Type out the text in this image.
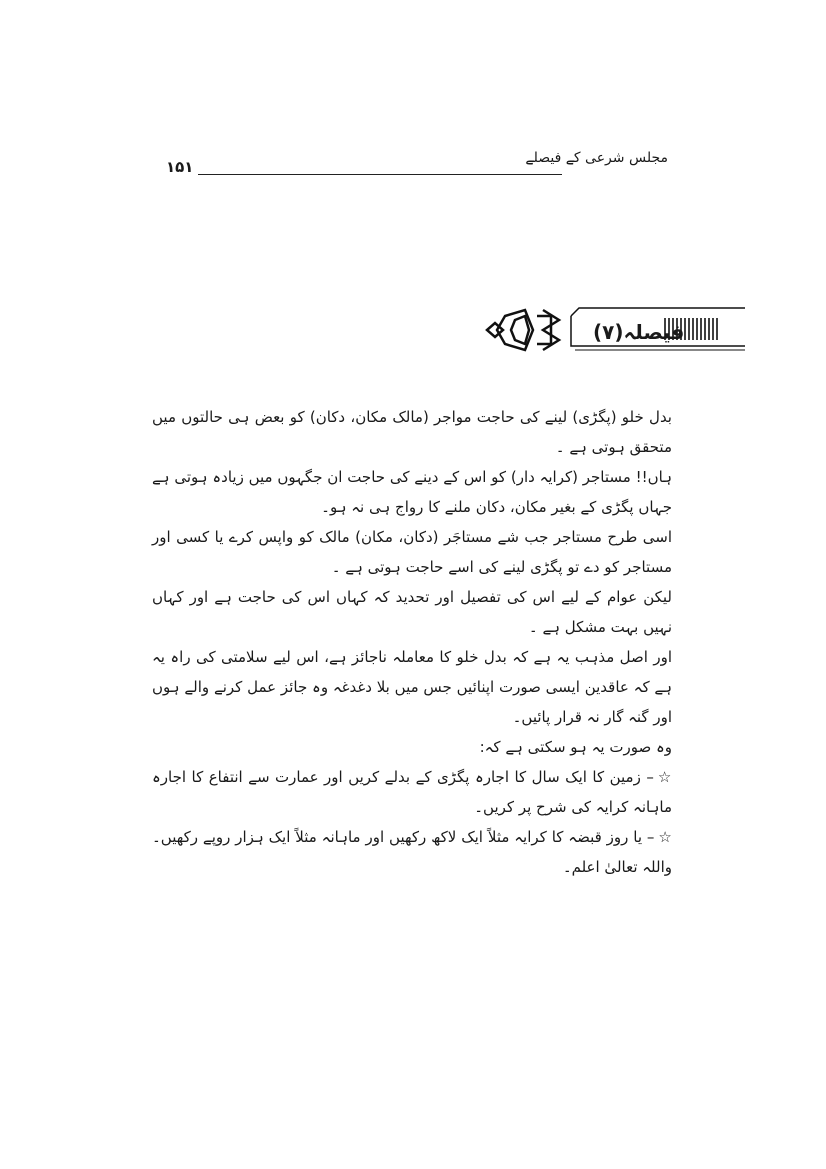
مجلس شرعی کے فیصلے
۱۵۱
فیصلہ(۷)

بدل خلو (پگڑی) لینے کی حاجت مواجر (مالک مکان، دکان) کو بعض ہی حالتوں میں متحقق ہوتی ہے ۔

ہاں!! مستاجر (کرایہ دار) کو اس کے دینے کی حاجت ان جگہوں میں زیادہ ہوتی ہے جہاں پگڑی کے بغیر مکان، دکان ملنے کا رواج ہی نہ ہو۔

اسی طرح مستاجر جب شے مستاجَر (دکان، مکان) مالک کو واپس کرے یا کسی اور مستاجر کو دے تو پگڑی لینے کی اسے حاجت ہوتی ہے ۔

لیکن عوام کے لیے اس کی تفصیل اور تحدید کہ کہاں اس کی حاجت ہے اور کہاں نہیں بہت مشکل ہے ۔

اور اصل مذہب یہ ہے کہ بدل خلو کا معاملہ ناجائز ہے، اس لیے سلامتی کی راہ یہ ہے کہ عاقدین ایسی صورت اپنائیں جس میں بلا دغدغہ وہ جائز عمل کرنے والے ہوں اور گنہ گار نہ قرار پائیں۔

وہ صورت یہ ہو سکتی ہے کہ:

☆– زمین کا ایک سال کا اجارہ پگڑی کے بدلے کریں اور عمارت سے انتفاع کا اجارہ ماہانہ کرایہ کی شرح پر کریں۔

☆– یا روز قبضہ کا کرایہ مثلاً ایک لاکھ رکھیں اور ماہانہ مثلاً ایک ہزار روپے رکھیں۔ واللہ تعالیٰ اعلم۔
